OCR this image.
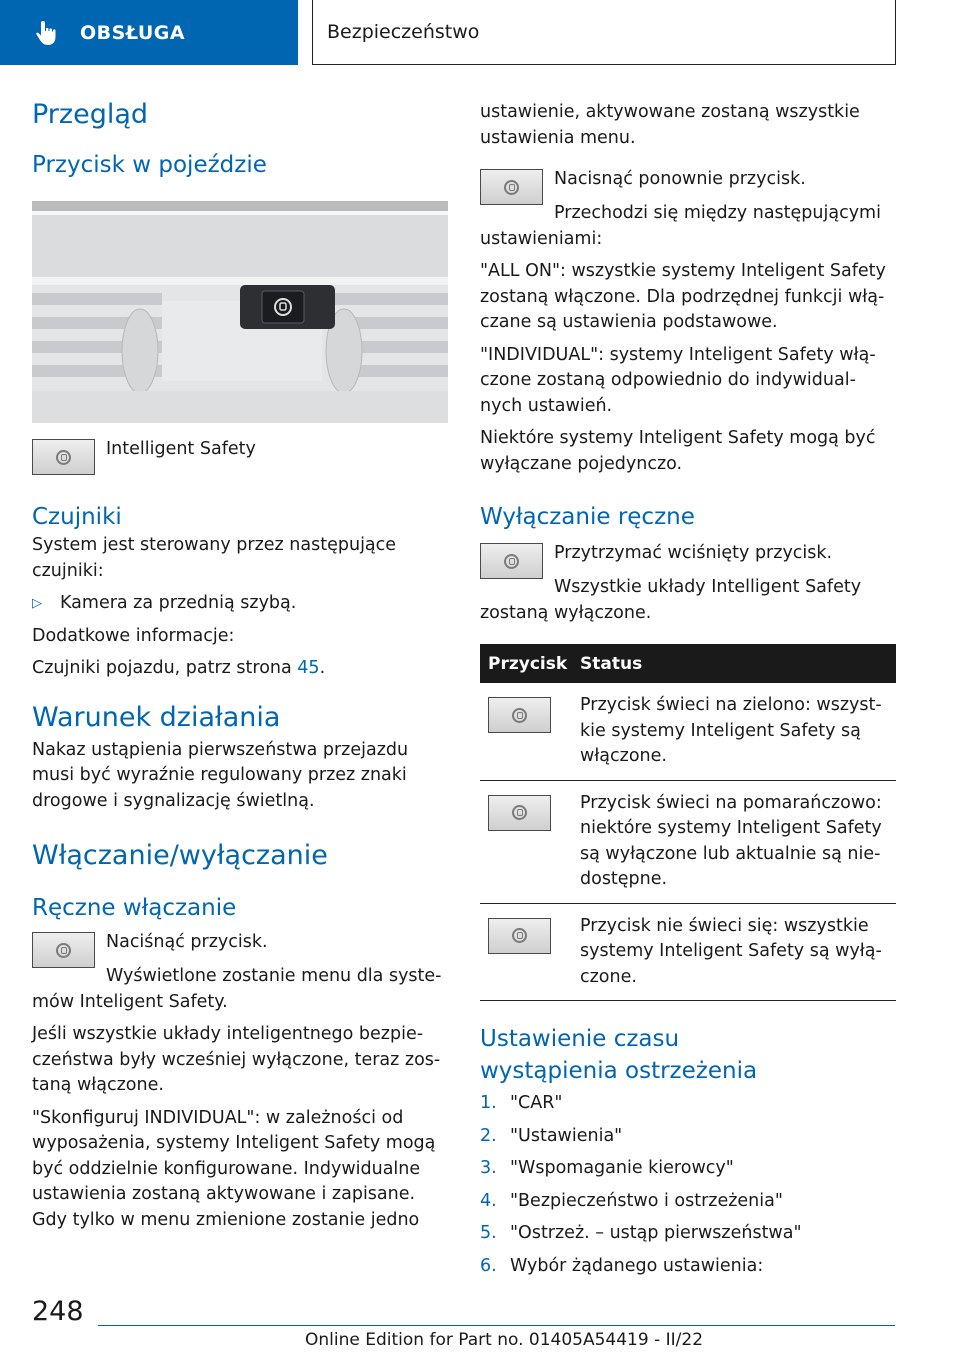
OBSŁUGA	Bezpieczeństwo
Przegląd
Przycisk w pojeździe

Intelligent Safety

Czujniki

System jest sterowany przez następujące czujniki:

▷	Kamera za przednią szybą.

Dodatkowe informacje:

Czujniki pojazdu, patrz strona 45.

Warunek działania

Nakaz ustąpienia pierwszeństwa przejazdu musi być wyraźnie regulowany przez znaki drogowe i sygnalizację świetlną.

Włączanie/wyłączanie
Ręczne włączanie

Naciśnąć przycisk.

Wyświetlone zostanie menu dla syste-mów Inteligent Safety.

Jeśli wszystkie układy inteligentnego bezpie-czeństwa były wcześniej wyłączone, teraz zos-taną włączone.

"Skonfiguruj INDIVIDUAL": w zależności od wyposażenia, systemy Inteligent Safety mogą być oddzielnie konfigurowane. Indywidualne ustawienia zostaną aktywowane i zapisane. Gdy tylko w menu zmienione zostanie jedno

ustawienie, aktywowane zostaną wszystkie ustawienia menu.

Nacisnąć ponownie przycisk.

Przechodzi się między następującymi ustawieniami:

"ALL ON": wszystkie systemy Inteligent Safety zostaną włączone. Dla podrzędnej funkcji włą-czane są ustawienia podstawowe.

"INDIVIDUAL": systemy Inteligent Safety włą-czone zostaną odpowiednio do indywidual-nych ustawień.

Niektóre systemy Inteligent Safety mogą być wyłączane pojedynczo.

Wyłączanie ręczne

Przytrzymać wciśnięty przycisk.

Wszystkie układy Intelligent Safety zostaną wyłączone.

Przycisk	Status

	Przycisk świeci na zielono: wszyst-kie systemy Inteligent Safety są włączone.

	Przycisk świeci na pomarańczowo: niektóre systemy Inteligent Safety są wyłączone lub aktualnie są nie-dostępne.

	Przycisk nie świeci się: wszystkie systemy Inteligent Safety są wyłą-czone.
Ustawienie czasu wystąpienia ostrzeżenia
1. "CAR"
2. "Ustawienia"
3. "Wspomaganie kierowcy"
4. "Bezpieczeństwo i ostrzeżenia"
5. "Ostrzeż. – ustąp pierwszeństwa"
6. Wybór żądanego ustawienia:
248
Online Edition for Part no. 01405A54419 - II/22
